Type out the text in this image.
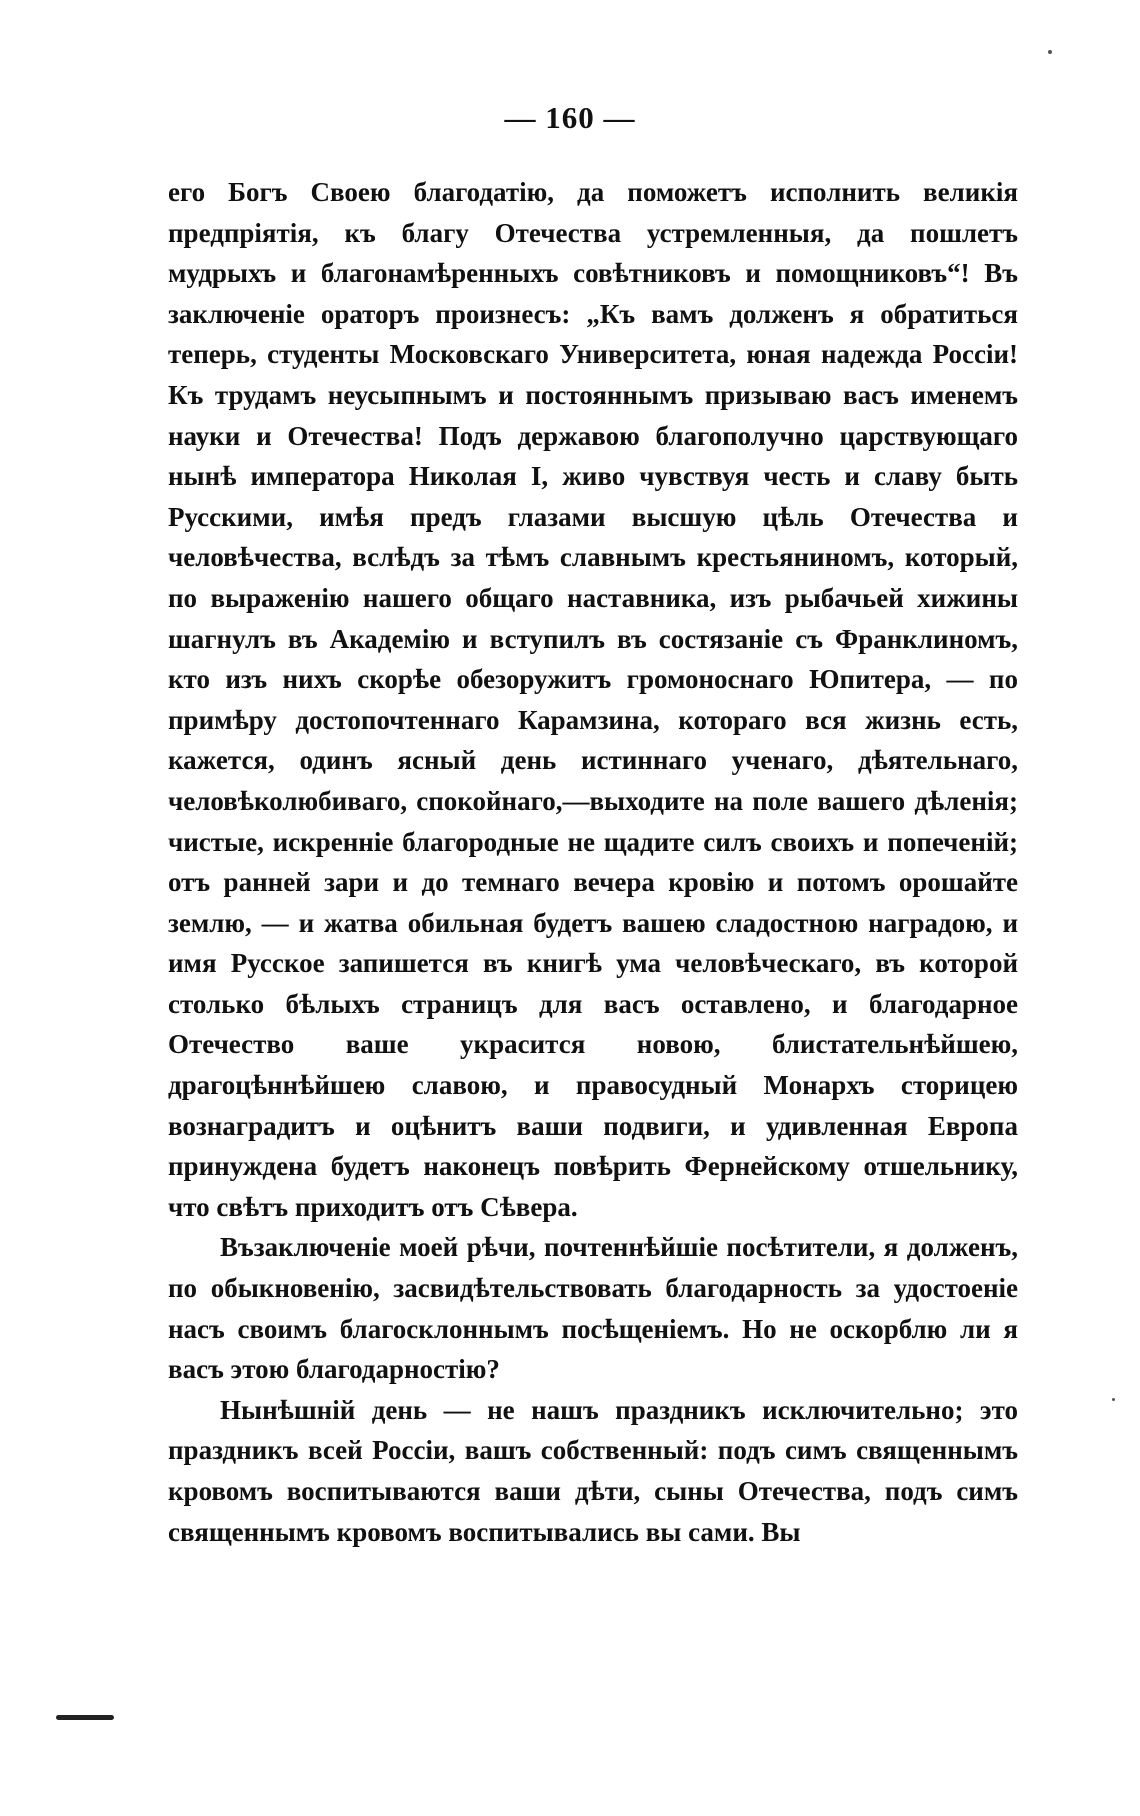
— 160 —

его Богъ Своею благодатiю, да поможетъ исполнить великiя предпрiятiя, къ благу Отечества устремленныя, да пошлетъ мудрыхъ и благонамѣренныхъ совѣтниковъ и помощниковъ“! Въ заключенiе ораторъ произнесъ: „Къ вамъ долженъ я обратиться теперь, студенты Московскаго Университета, юная надежда Россiи! Къ трудамъ неусыпнымъ и постояннымъ призываю васъ именемъ науки и Отечества! Подъ державою благополучно царствующаго нынѣ императора Николая I, живо чувствуя честь и славу быть Русскими, имѣя предъ глазами высшую цѣль Отечества и человѣчества, вслѣдъ за тѣмъ славнымъ крестьяниномъ, который, по выраженiю нашего общаго наставника, изъ рыбачьей хижины шагнулъ въ Академiю и вступилъ въ состязанiе съ Франклиномъ, кто изъ нихъ скорѣе обезоружитъ громоноснаго Юпитера, — по примѣру достопочтеннаго Карамзина, котораго вся жизнь есть, кажется, одинъ ясный день истиннаго ученаго, дѣятельнаго, человѣколюбиваго, спокойнаго,—выходите на поле вашего дѣленiя; чистые, искреннiе благородные не щадите силъ своихъ и попеченiй; отъ ранней зари и до темнаго вечера кровiю и потомъ орошайте землю, — и жатва обильная будетъ вашею сладостною наградою, и имя Русское запишется въ книгѣ ума человѣческаго, въ которой столько бѣлыхъ страницъ для васъ оставлено, и благодарное Отечество ваше украсится новою, блистательнѣйшею, драгоцѣннѣйшею славою, и правосудный Монархъ сторицею вознаградитъ и оцѣнитъ ваши подвиги, и удивленная Европа принуждена будетъ наконецъ повѣрить Фернейскому отшельнику, что свѣтъ приходитъ отъ Сѣвера.

Възаключенiе моей рѣчи, почтеннѣйшiе посѣтители, я долженъ, по обыкновенiю, засвидѣтельствовать благодарность за удостоенiе насъ своимъ благосклоннымъ посѣщенiемъ. Но не оскорблю ли я васъ этою благодарностiю?

Нынѣшнiй день — не нашъ праздникъ исключительно; это праздникъ всей Россiи, вашъ собственный: подъ симъ священнымъ кровомъ воспитываются ваши дѣти, сыны Отечества, подъ симъ священнымъ кровомъ воспитывались вы сами. Вы
